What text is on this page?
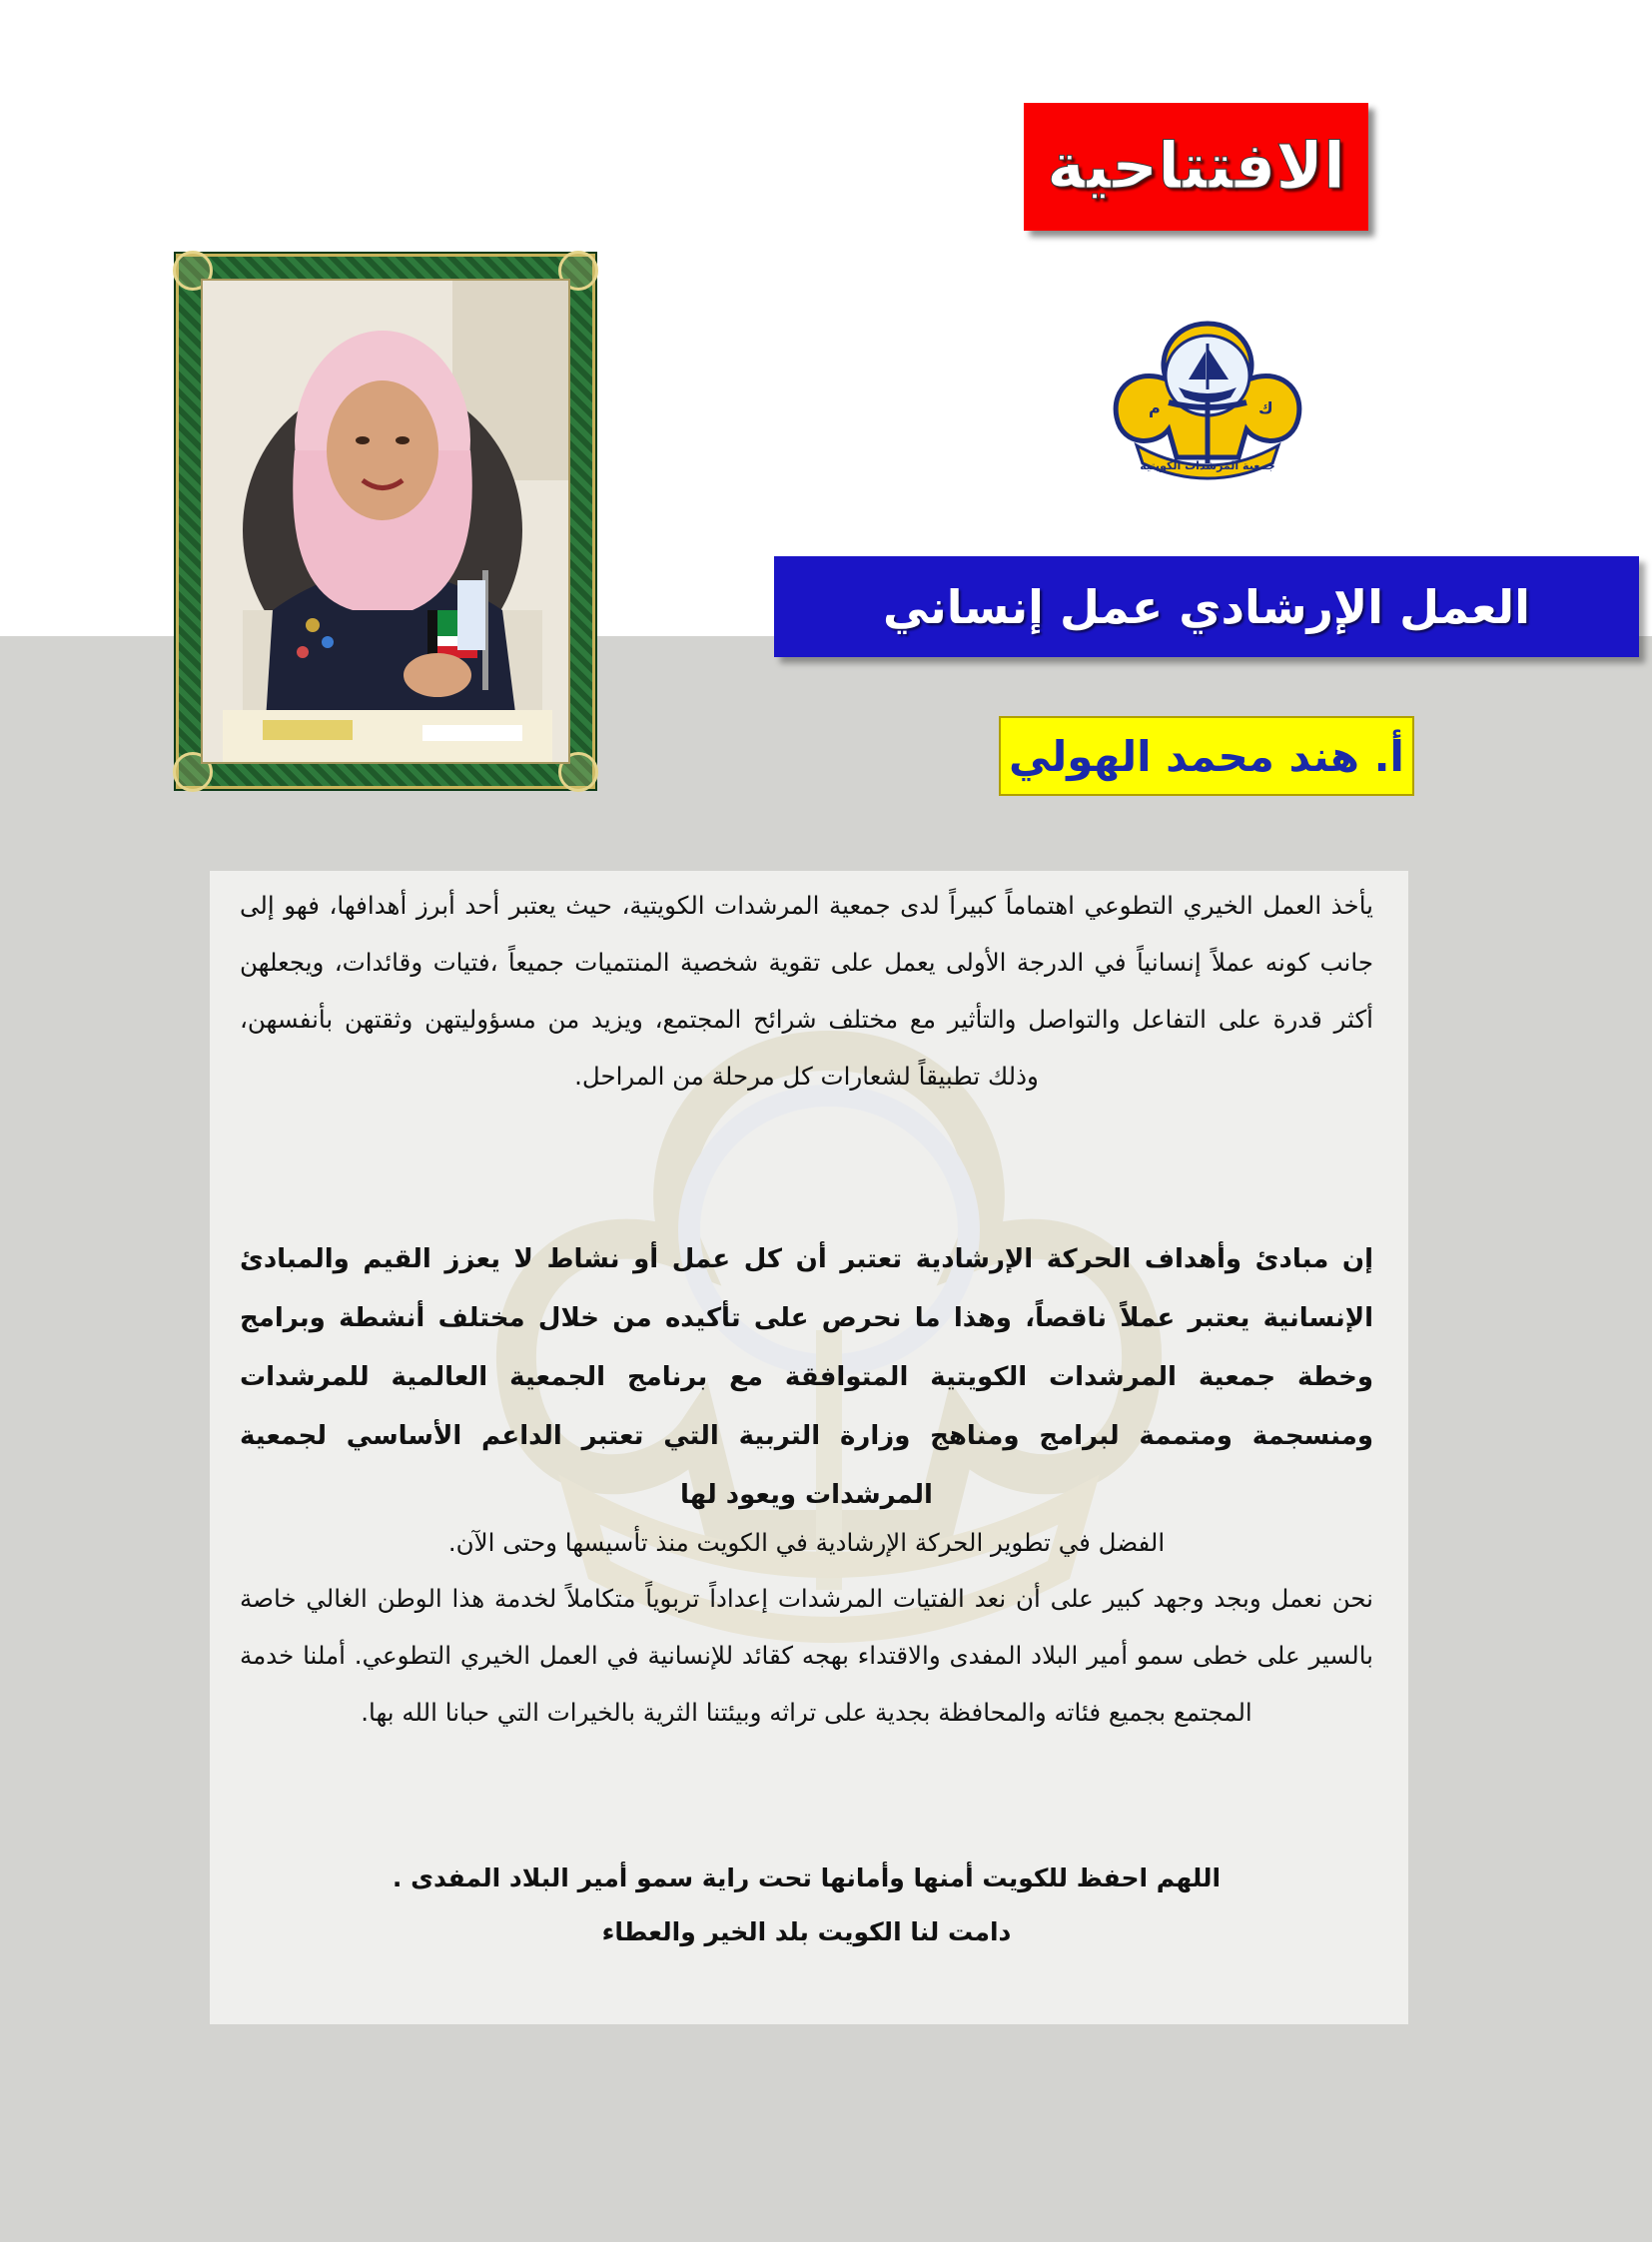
الافتتاحية
م	ك
جمعية المرشدات الكويتية
العمل الإرشادي عمل إنساني
أ. هند محمد الهولي
يأخذ العمل الخيري التطوعي اهتماماً كبيراً لدى جمعية المرشدات الكويتية، حيث يعتبر أحد أبرز أهدافها، فهو إلى جانب كونه عملاً إنسانياً في الدرجة الأولى يعمل على تقوية شخصية المنتميات جميعاً ،فتيات وقائدات، ويجعلهن أكثر قدرة على التفاعل والتواصل والتأثير مع مختلف شرائح المجتمع، ويزيد من مسؤوليتهن وثقتهن بأنفسهن، وذلك تطبيقاً لشعارات كل مرحلة من المراحل.
إن مبادئ وأهداف الحركة الإرشادية تعتبر أن كل عمل أو نشاط لا يعزز القيم والمبادئ الإنسانية يعتبر عملاً ناقصاً، وهذا ما نحرص على تأكيده من خلال مختلف أنشطة وبرامج وخطة جمعية المرشدات الكويتية المتوافقة مع برنامج الجمعية العالمية للمرشدات ومنسجمة ومتممة لبرامج ومناهج وزارة التربية التي تعتبر الداعم الأساسي لجمعية المرشدات ويعود لها
الفضل في تطوير الحركة الإرشادية في الكويت منذ تأسيسها وحتى الآن.
نحن نعمل وبجد وجهد كبير على أن نعد الفتيات المرشدات إعداداً تربوياً متكاملاً لخدمة هذا الوطن الغالي خاصة بالسير على خطى سمو أمير البلاد المفدى والاقتداء بهجه كقائد للإنسانية في العمل الخيري التطوعي. أملنا خدمة المجتمع بجميع فئاته والمحافظة بجدية على تراثه وبيئتنا الثرية بالخيرات التي حبانا الله بها.
اللهم احفظ للكويت أمنها وأمانها تحت راية سمو أمير البلاد المفدى .
دامت لنا الكويت بلد الخير والعطاء
